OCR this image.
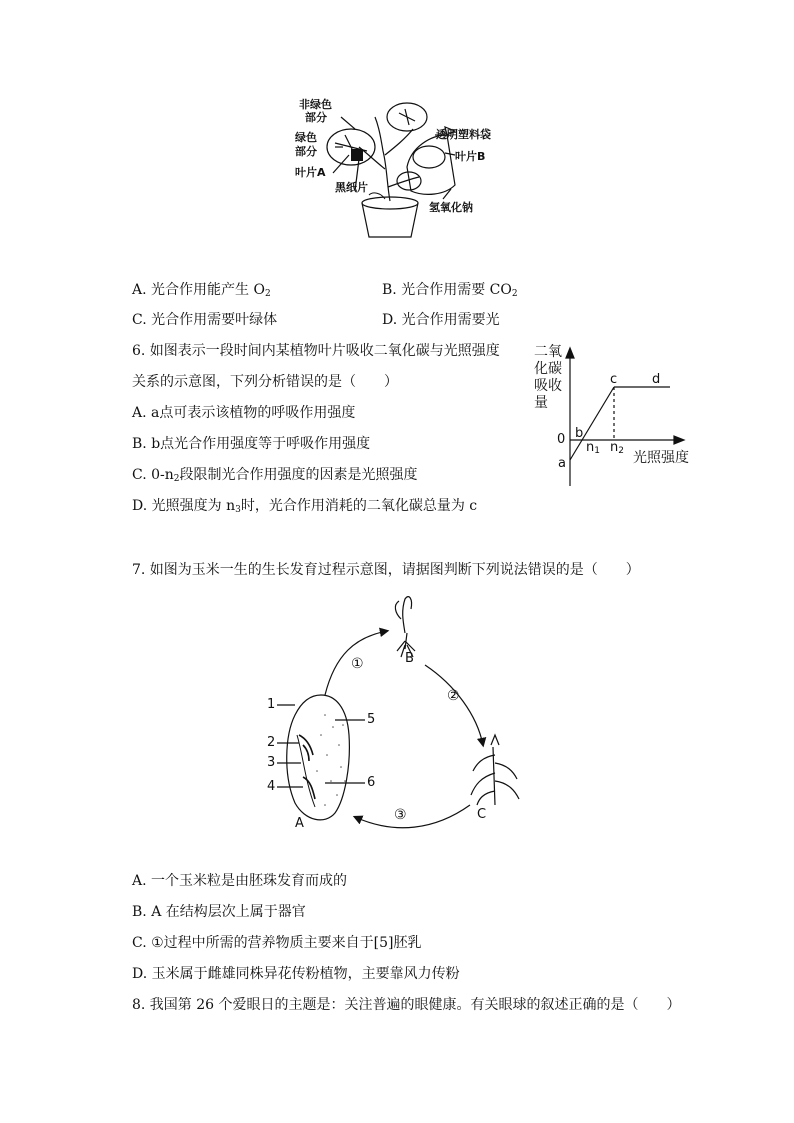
非绿色
部分
绿色
部分
叶片A
黑纸片
透明塑料袋
叶片B
氢氧化钠
A. 光合作用能产生 $O_2$	B. 光合作用需要 $CO_2$
C. 光合作用需要叶绿体	D. 光合作用需要光
6. 如图表示一段时间内某植物叶片吸收二氧化碳与光照强度
关系的示意图，下列分析错误的是（　　）
A. a点可表示该植物的呼吸作用强度
B. b点光合作用强度等于呼吸作用强度
C. $0-n_2$段限制光合作用强度的因素是光照强度
D. 光照强度为 $n_3$时，光合作用消耗的二氧化碳总量为 c
二氧
化碳
吸收
量
0
a
b
c	d
$n_1$ $n_2$ 光照强度
7. 如图为玉米一生的生长发育过程示意图，请据图判断下列说法错误的是（　　）
1
2
3
4
5
6
A
B
C
①
②
③
A. 一个玉米粒是由胚珠发育而成的
B. A 在结构层次上属于器官
C. ①过程中所需的营养物质主要来自于[5]胚乳
D. 玉米属于雌雄同株异花传粉植物，主要靠风力传粉
8. 我国第 26 个爱眼日的主题是：关注普遍的眼健康。有关眼球的叙述正确的是（　　）
